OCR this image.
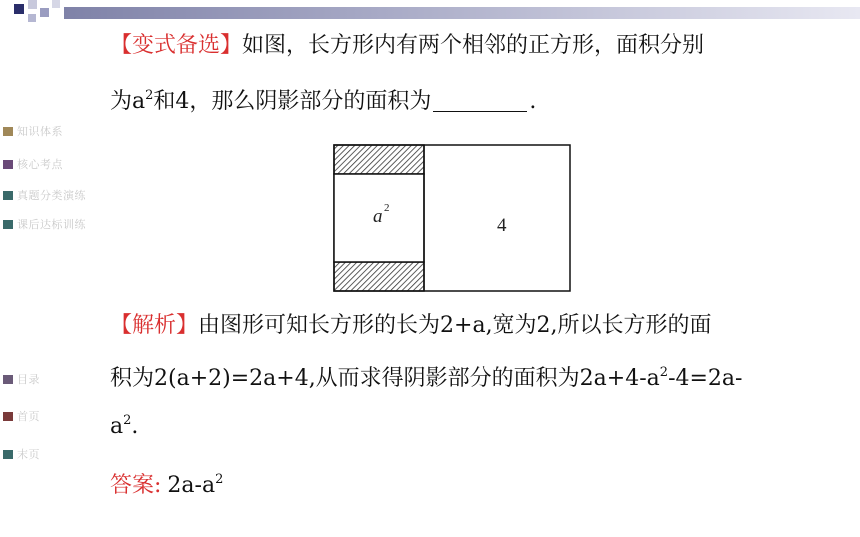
知识体系
核心考点
真题分类演练
课后达标训练
目录
首页
末页
【变式备选】如图，长方形内有两个相邻的正方形，面积分别
为$a^2$和4，那么阴影部分的面积为	.
a 2
4
【解析】由图形可知长方形的长为2+a,宽为2,所以长方形的面
积为2(a+2)=2a+4,从而求得阴影部分的面积为$2a+4-a^2-4=2a-$
$a^2$.
答案: $2a-a^2$
